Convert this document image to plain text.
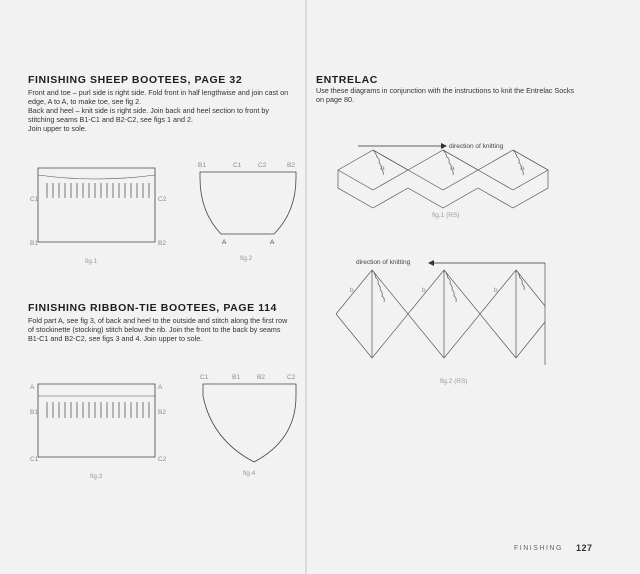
FINISHING SHEEP BOOTEES, PAGE 32

Front and toe – purl side is right side. Fold front in half lengthwise and join cast on edge, A to A, to make toe, see fig 2.

Back and heel – knit side is right side. Join back and heel section to front by stitching seams B1-C1 and B2-C2, see figs 1 and 2.

Join upper to sole.

C1	C2
B1	B2
B1	C1	C2	B2
A	A
A	A
B1	B2
C1	C2
C1	B1	B2	C2
direction of knitting
a	a	a
direction of knitting
b	b	b
fig.1	fig.2
FINISHING RIBBON-TIE BOOTEES, PAGE 114

Fold part A, see fig 3, of back and heel to the outside and stitch along the first row of stockinette (stocking) stitch below the rib. Join the front to the back by seams B1-C1 and B2-C2, see figs 3 and 4. Join upper to sole.

fig.3	fig.4
ENTRELAC

Use these diagrams in conjunction with the instructions to knit the Entrelac Socks on page 80.

fig.1 (RS)
fig.2 (RS)
FINISHING 127
